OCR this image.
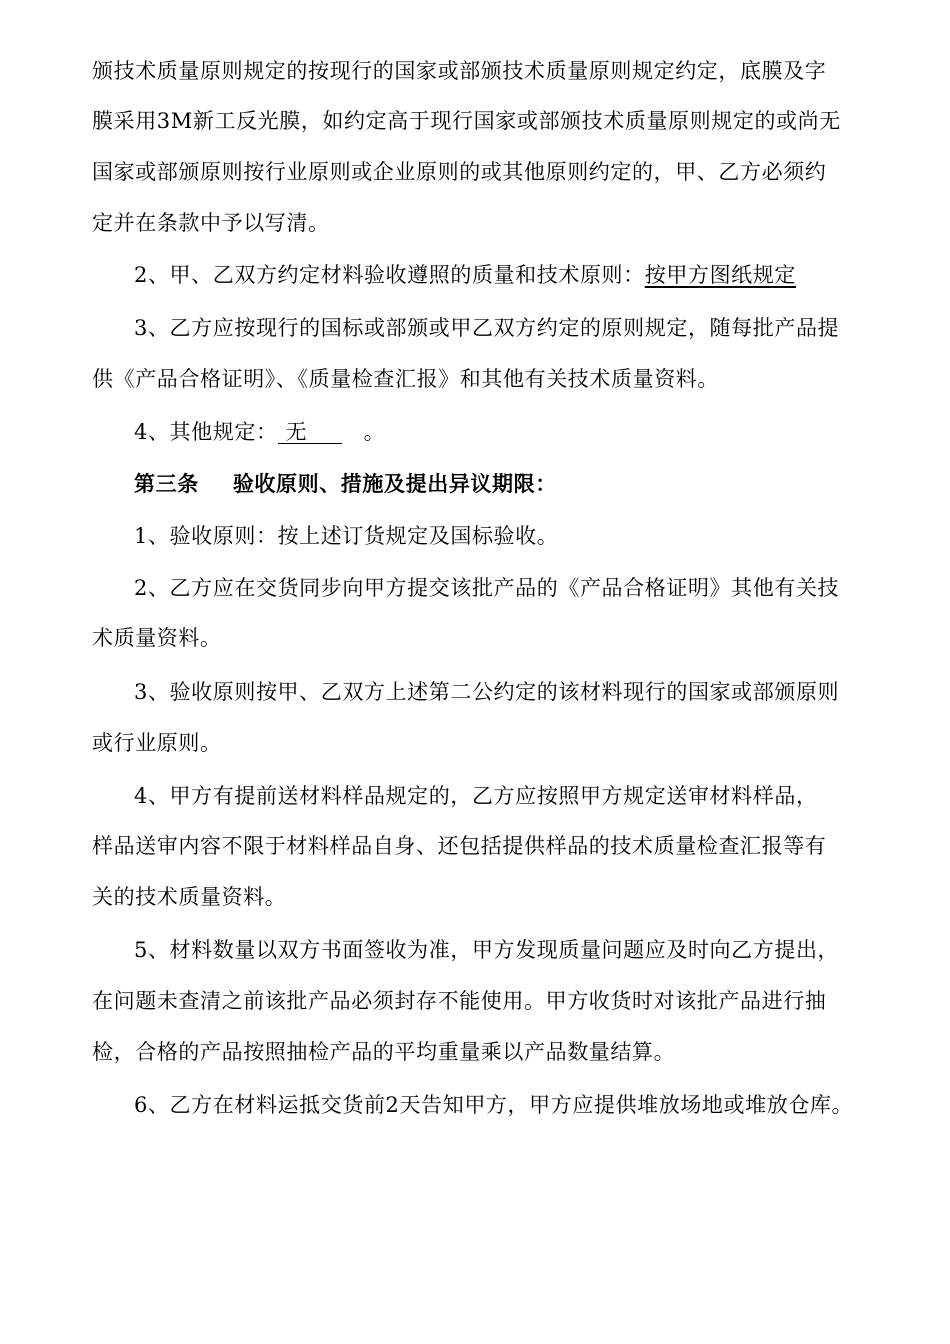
颁技术质量原则规定的按现行的国家或部颁技术质量原则规定约定，底膜及字
膜采用3M新工反光膜，如约定高于现行国家或部颁技术质量原则规定的或尚无
国家或部颁原则按行业原则或企业原则的或其他原则约定的，甲、乙方必须约
定并在条款中予以写清。
2、甲、乙双方约定材料验收遵照的质量和技术原则：按甲方图纸规定
3、乙方应按现行的国标或部颁或甲乙双方约定的原则规定，随每批产品提
供《产品合格证明》、《质量检查汇报》和其他有关技术质量资料。
4、其他规定： 无	。
第三条 验收原则、措施及提出异议期限：
1、验收原则：按上述订货规定及国标验收。
2、乙方应在交货同步向甲方提交该批产品的《产品合格证明》其他有关技
术质量资料。
3、验收原则按甲、乙双方上述第二公约定的该材料现行的国家或部颁原则
或行业原则。
4、甲方有提前送材料样品规定的，乙方应按照甲方规定送审材料样品，
样品送审内容不限于材料样品自身、还包括提供样品的技术质量检查汇报等有
关的技术质量资料。
5、材料数量以双方书面签收为准，甲方发现质量问题应及时向乙方提出，
在问题未查清之前该批产品必须封存不能使用。甲方收货时对该批产品进行抽
检，合格的产品按照抽检产品的平均重量乘以产品数量结算。
6、乙方在材料运抵交货前2天告知甲方，甲方应提供堆放场地或堆放仓库。
